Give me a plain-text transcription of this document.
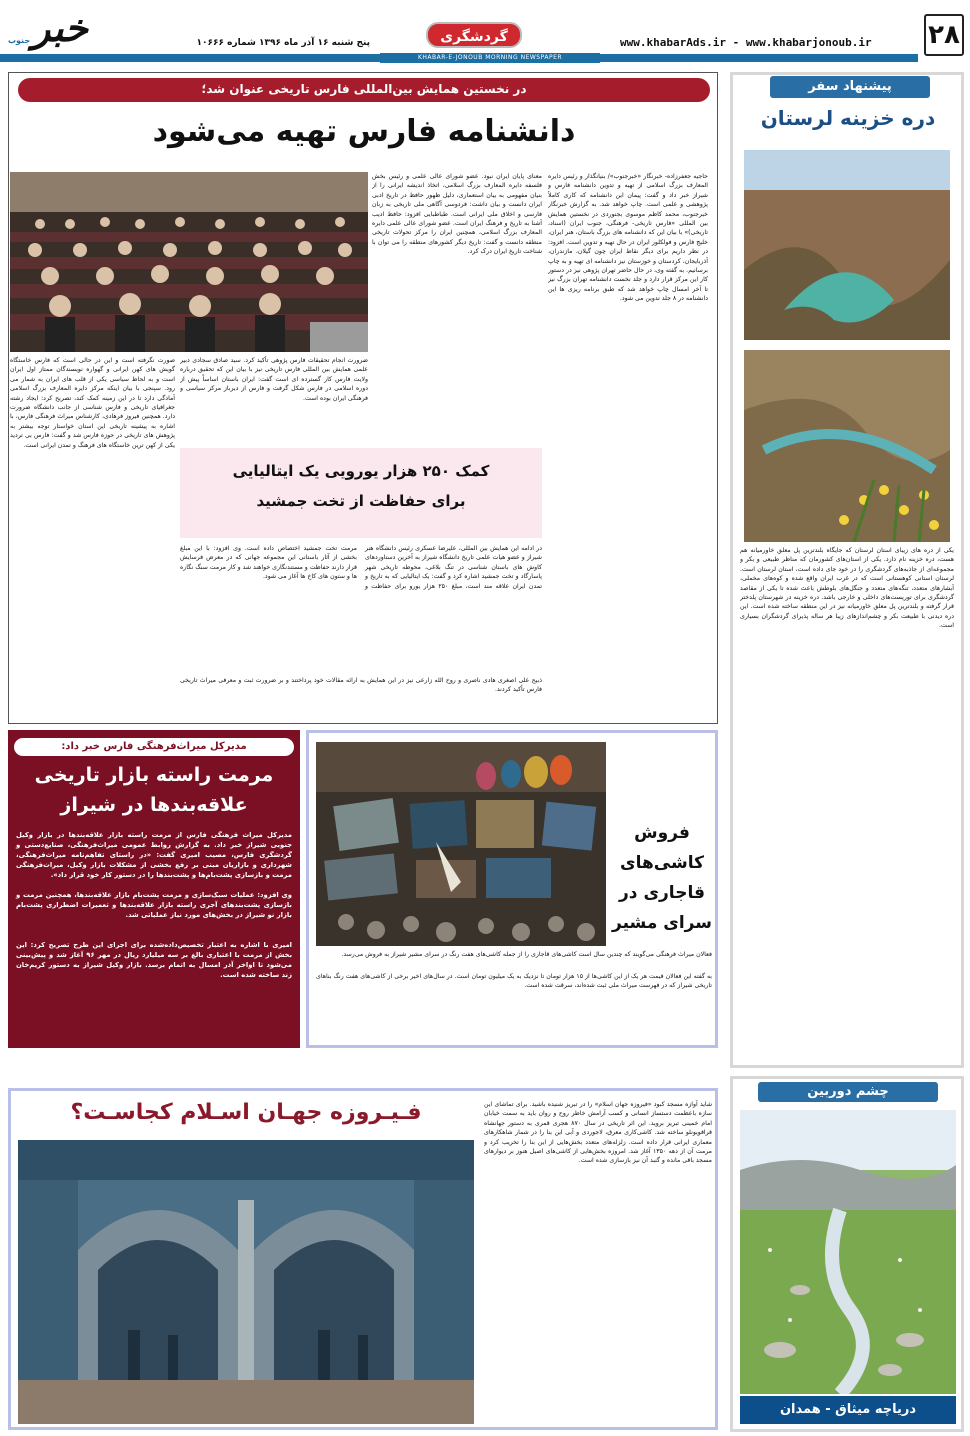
۲۸
www.khabarAds.ir - www.khabarjonoub.ir
گردشگری
خبر
جنوب	پنج شنبه ۱۶ آذر ماه ۱۳۹۶ شماره ۱۰۶۶۶
KHABAR-E-JONOUB MORNING NEWSPAPER
در نخستین همایش بین‌المللی فارس تاریخی عنوان شد؛
دانشنامه فارس تهیه می‌شود
حاجیه جعفرزاده- خبرنگار «خبرجنوب»/ بنیانگذار و رئیس دایره المعارف بزرگ اسلامی از تهیه و تدوین دانشنامه فارس و شیراز خبر داد و گفت: پیمان این دانشنامه که کاری کاملاً پژوهشی و علمی است. چاپ خواهد شد. به گزارش خبرنگار خبرجنوب، محمد کاظم موسوی بجنوردی در نخستین همایش بین المللی «فارس تاریخی- فرهنگی، جنوب ایران (اسناد، تاریخی)» با بیان این که دانشنامه های بزرگ باستان، هنر ایران، خلیج فارس و فولکلور ایران در حال تهیه و تدوین است. افزود: در نظر داریم برای دیگر نقاط ایران چون گیلان، مازندران، آذربایجان، کردستان و خوزستان نیز دانشنامه ای تهیه و به چاپ برسانیم. به گفته وی، در حال حاضر تهران پژوهی نیز در دستور کار این مرکز قرار دارد و جلد نخست دانشنامه تهران بزرگ نیز تا آخر امسال چاپ خواهد شد که طبق برنامه ریزی ها این دانشنامه در ۸ جلد تدوین می شود.
معنای پایان ایران نبود. عضو شورای عالی علمی و رئیس بخش فلسفه دایره المعارف بزرگ اسلامی، اتخاذ اندیشه ایرانی را از بنیان مفهومی به بیان استعماری، دلیل ظهور حافظ در تاریخ ادبی ایران دانست و بیان داشت: فردوسی آگاهی ملی تاریخی به زبان فارسی و اخلاق ملی ایرانی است. طباطبایی افزود: حافظ ادیب آشنا به تاریخ و فرهنگ ایران است. عضو شورای عالی علمی دایره المعارف بزرگ اسلامی، همچنین ایران را مرکز تحولات تاریخی منطقه دانست و گفت: تاریخ دیگر کشورهای منطقه را می توان با شناخت تاریخ ایران درک کرد.
صورت نگرفته است و این در حالی است که فارس خاستگاه گویش های کهن ایرانی و گهواره نویسندگان ممتاز اول ایران است و به لحاظ سیاسی یکی از قلب های ایران به شمار می رود. سپنجی با بیان اینکه مرکز دایره المعارف بزرگ اسلامی آمادگی دارد تا در این زمینه کمک کند، تصریح کرد: ایجاد رشته جغرافیای تاریخی و فارس شناسی از جانب دانشگاه ضرورت دارد. همچنین فیروز فرهادی، کارشناس میراث فرهنگی فارس، با اشاره به پیشینه تاریخی این استان خواستار توجه بیشتر به پژوهش های تاریخی در حوزه فارس شد و گفت: فارس بی تردید یکی از کهن ترین خاستگاه های فرهنگ و تمدن ایرانی است.
ضرورت انجام تحقیقات فارس پژوهی تأکید کرد. سید صادق سجادی دبیر علمی همایش بین المللی فارس تاریخی نیز با بیان این که تحقیق درباره ولایت فارس کار گسترده ای است گفت: ایران باستان اساساً پیش از دوره اسلامی در فارس شکل گرفت و فارس از دیرباز مرکز سیاسی و فرهنگی ایران بوده است.
کمک ۲۵۰ هزار یورویی یک ایتالیایی
برای حفاظت از تخت جمشید
در ادامه این همایش بین المللی، علیرضا عسکری رئیس دانشگاه هنر شیراز و عضو هیات علمی تاریخ دانشگاه شیراز به آخرین دستاوردهای کاوش های باستان شناسی در تنگ بلاغی، محوطه تاریخی شهر پاسارگاد و تخت جمشید اشاره کرد و گفت: یک ایتالیایی که به تاریخ و تمدن ایران علاقه مند است، مبلغ ۲۵۰ هزار یورو برای حفاظت و مرمت تخت جمشید اختصاص داده است. وی افزود: با این مبلغ بخشی از آثار باستانی این مجموعه جهانی که در معرض فرسایش قرار دارند حفاظت و مستندنگاری خواهند شد و کار مرمت سنگ نگاره ها و ستون های کاخ ها آغاز می شود.
ذبیح علی اصغری هادی ناصری و روح الله زارعی نیز در این همایش به ارائه مقالات خود پرداختند و بر ضرورت ثبت و معرفی میراث تاریخی فارس تأکید کردند.
مدیرکل میراث‌فرهنگی فارس خبر داد:
مرمت راسته بازار تاریخی
علاقه‌بندها در شیراز
مدیرکل میراث فرهنگی فارس از مرمت راسته بازار علاقه‌بندها در بازار وکیل جنوبی شیراز خبر داد. به گزارش روابط عمومی میراث‌فرهنگی، صنایع‌دستی و گردشگری فارس، مصیب امیری گفت: «در راستای تفاهم‌نامه میراث‌فرهنگی، شهرداری و بازاریان مبنی بر رفع بخشی از مشکلات بازار وکیل، میراث‌فرهنگی مرمت و بازسازی پشت‌بام‌ها و پشت‌بندها را در دستور کار خود قرار داد».
وی افزود: عملیات سبک‌سازی و مرمت پشت‌بام بازار علاقه‌بندها، همچنین مرمت و بازسازی پشت‌بندهای آجری راسته بازار علاقه‌بندها و تعمیرات اضطراری پشت‌بام بازار نو شیراز در بخش‌های مورد نیاز عملیاتی شد.
امیری با اشاره به اعتبار تخصیص‌داده‌شده برای اجرای این طرح تصریح کرد: این بخش از مرمت با اعتباری بالغ بر سه میلیارد ریال در مهر ۹۶ آغاز شد و پیش‌بینی می‌شود تا اواخر آذر امسال به اتمام برسد. بازار وکیل شیراز به دستور کریم‌خان زند ساخته شده است.
فروش کاشی‌های قاجاری در سرای مشیر
فعالان میراث فرهنگی می‌گویند که چندین سال است کاشی‌های قاجاری را از جمله کاشی‌های هفت رنگ در سرای مشیر شیراز به فروش می‌رسد.
به گفته این فعالان قیمت هر یک از این کاشی‌ها از ۱۵ هزار تومان تا نزدیک به یک میلیون تومان است. در سال‌های اخیر برخی از کاشی‌های هفت رنگ بناهای تاریخی شیراز که در فهرست میراث ملی ثبت شده‌اند، سرقت شده است.
فـیـروزه جهـان اسـلام کجاسـت؟	شاید آوازه مسجد کبود «فیروزه جهان اسلام» را در تبریز شنیده باشید. برای تماشای این سازه باعظمت دستساز انسانی و کسب آرامش خاطر روح و روان باید به سمت خیابان امام خمینی تبریز بروید. این اثر تاریخی در سال ۸۷۰ هجری قمری به دستور جهانشاه قراقویونلو ساخته شد. کاشی‌کاری معرق، لاجوردی و آبی این بنا را در شمار شاهکارهای معماری ایرانی قرار داده است. زلزله‌های متعدد بخش‌هایی از این بنا را تخریب کرد و مرمت آن از دهه ۱۳۵۰ آغاز شد. امروزه بخش‌هایی از کاشی‌های اصیل هنوز بر دیوارهای مسجد باقی مانده و گنبد آن نیز بازسازی شده است.
پیشنهاد سفر
دره خزینه لرستان
یکی از دره های زیبای استان لرستان که جایگاه بلندترین پل معلق خاورمیانه هم هست، دره خزینه نام دارد. یکی از استان‌های کشورمان که مناظر طبیعی و بکر و مجموعه‌ای از جاذبه‌های گردشگری را در خود جای داده است، استان لرستان است. لرستان استانی کوهستانی است که در غرب ایران واقع شده و کوه‌های مخملی، آبشارهای متعدد، تنگه‌های متعدد و جنگل‌های بلوطش باعث شده تا یکی از مقاصد گردشگری برای توریست‌های داخلی و خارجی باشد. دره خزینه در شهرستان پلدختر قرار گرفته و بلندترین پل معلق خاورمیانه نیز در این منطقه ساخته شده است. این دره دیدنی با طبیعت بکر و چشم‌اندازهای زیبا هر ساله پذیرای گردشگران بسیاری است.
چشم دوربین
دریاچه میثاق - همدان
